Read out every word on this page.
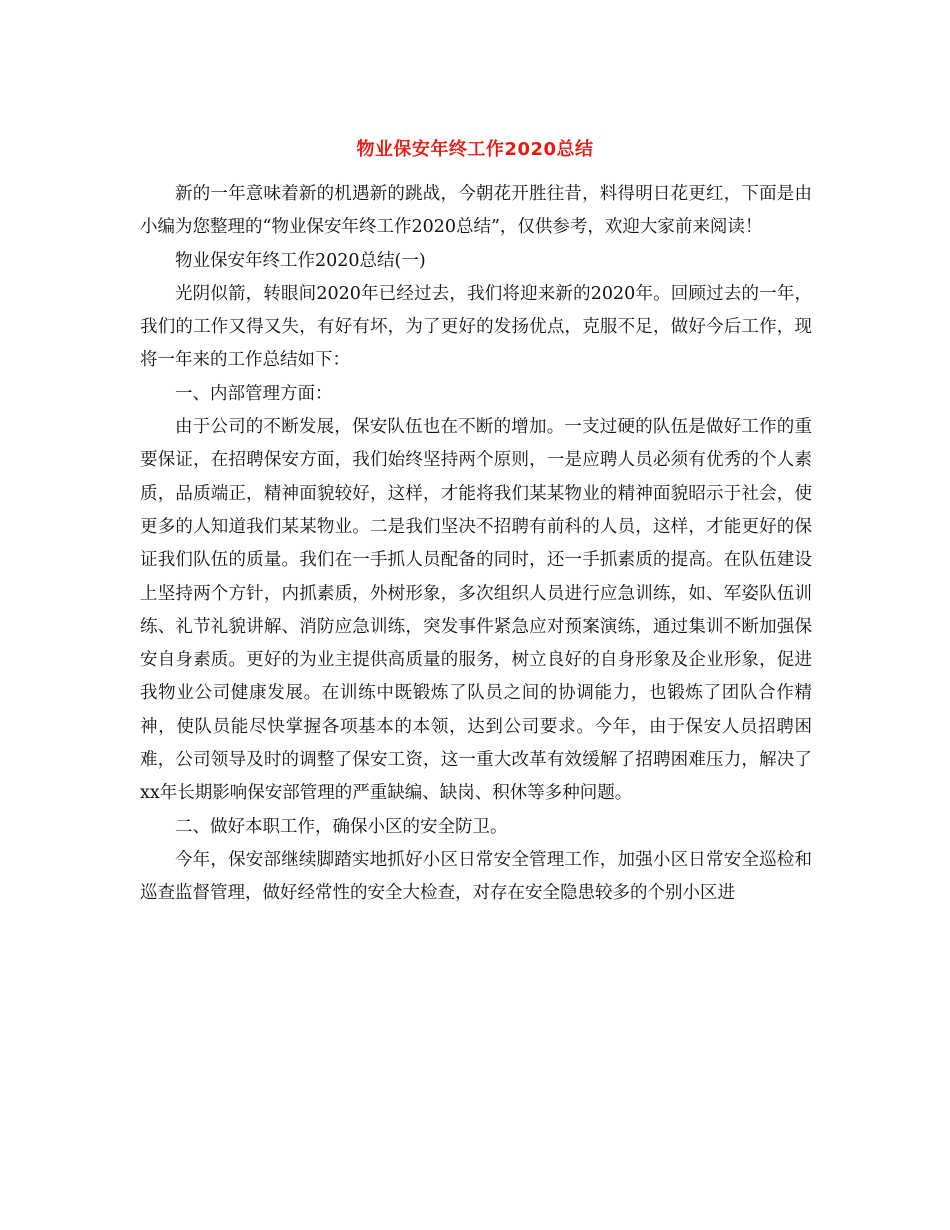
物业保安年终工作2020总结

新的一年意味着新的机遇新的跳战，今朝花开胜往昔，料得明日花更红，下面是由小编为您整理的“物业保安年终工作2020总结”，仅供参考，欢迎大家前来阅读！

物业保安年终工作2020总结(一)

光阴似箭，转眼间2020年已经过去，我们将迎来新的2020年。回顾过去的一年，我们的工作又得又失，有好有坏，为了更好的发扬优点，克服不足，做好今后工作，现将一年来的工作总结如下：

一、内部管理方面：

由于公司的不断发展，保安队伍也在不断的增加。一支过硬的队伍是做好工作的重要保证，在招聘保安方面，我们始终坚持两个原则，一是应聘人员必须有优秀的个人素质，品质端正，精神面貌较好，这样，才能将我们某某物业的精神面貌昭示于社会，使更多的人知道我们某某物业。二是我们坚决不招聘有前科的人员，这样，才能更好的保证我们队伍的质量。我们在一手抓人员配备的同时，还一手抓素质的提高。在队伍建设上坚持两个方针，内抓素质，外树形象，多次组织人员进行应急训练，如、军姿队伍训练、礼节礼貌讲解、消防应急训练，突发事件紧急应对预案演练，通过集训不断加强保安自身素质。更好的为业主提供高质量的服务，树立良好的自身形象及企业形象，促进我物业公司健康发展。在训练中既锻炼了队员之间的协调能力，也锻炼了团队合作精神，使队员能尽快掌握各项基本的本领，达到公司要求。今年，由于保安人员招聘困难，公司领导及时的调整了保安工资，这一重大改革有效缓解了招聘困难压力，解决了xx年长期影响保安部管理的严重缺编、缺岗、积休等多种问题。

二、做好本职工作，确保小区的安全防卫。

今年，保安部继续脚踏实地抓好小区日常安全管理工作，加强小区日常安全巡检和巡查监督管理，做好经常性的安全大检查，对存在安全隐患较多的个别小区进
